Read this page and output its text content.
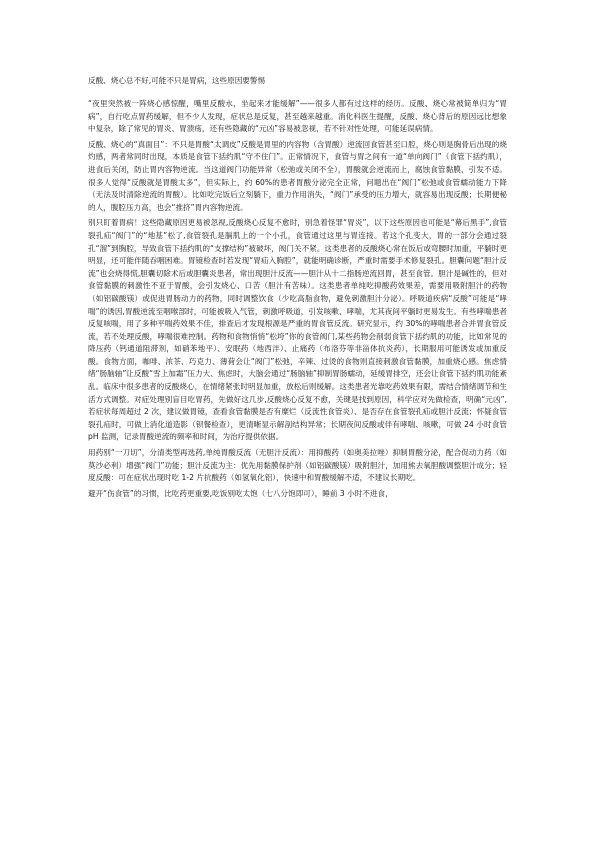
反酸、烧心总不好,可能不只是胃病，这些原因要警惕

“夜里突然被一阵烧心感惊醒，嘴里反酸水，坐起来才能缓解”——很多人都有过这样的经历。反酸、烧心常被简单归为“胃病”，自行吃点胃药缓解，但不少人发现，症状总是反复，甚至越来越重。消化科医生提醒，反酸、烧心背后的原因远比想象中复杂，除了常见的胃炎、胃溃疡，还有些隐藏的“元凶”容易被忽视，若不针对性处理，可能延误病情。

反酸、烧心的“真面目”：不只是胃酸“太调皮”反酸是胃里的内容物（含胃酸）逆流回食管甚至口腔，烧心则是胸骨后出现的烧灼感，两者常同时出现，本质是食管下括约肌“守不住门”。正常情况下，食管与胃之间有一道“单向阀门”（食管下括约肌），进食后关闭，防止胃内容物逆流。当这道阀门功能异常（松弛或关闭不全），胃酸就会逆流而上，腐蚀食管黏膜，引发不适。很多人觉得“反酸就是胃酸太多”，但实际上，约 60%的患者胃酸分泌完全正常，问题出在“阀门”松弛或食管蠕动能力下降（无法及时清除逆流的胃酸）。比如吃完饭后立刻躺下，重力作用消失，“阀门”承受的压力增大，就容易出现反酸；长期便秘的人，腹腔压力高，也会“推挤”胃内容物逆流。

别只盯着胃病！这些隐藏原因更易被忽视,反酸烧心反复不愈时，别急着怪罪“胃炎”，以下这些原因也可能是“幕后黑手”,食管裂孔疝“阀门”的“地基”松了,食管裂孔是膈肌上的一个小孔，食管通过这里与胃连接。若这个孔变大，胃的一部分会通过裂孔“溜”到胸腔，导致食管下括约肌的“支撑结构”被破坏，阀门关不紧。这类患者的反酸烧心常在饭后或弯腰时加重，平躺时更明显，还可能伴随吞咽困难。胃镜检查时若发现“胃疝入胸腔”，就能明确诊断，严重时需要手术修复裂孔。胆囊问题“胆汁反流”也会烧得慌,胆囊切除术后或胆囊炎患者，常出现胆汁反流——胆汁从十二指肠逆流回胃，甚至食管。胆汁是碱性的，但对食管黏膜的刺激性不亚于胃酸，会引发烧心、口苦（胆汁有苦味）。这类患者单纯吃抑酸药效果差，需要用吸附胆汁的药物（如铝碳酸镁）或促进胃肠动力的药物，同时调整饮食（少吃高脂食物，避免刺激胆汁分泌）。呼吸道疾病“反酸”可能是“哮喘”的诱因,胃酸逆流至咽喉部时，可能被吸入气管，刺激呼吸道，引发咳嗽、哮喘，尤其夜间平躺时更易发生。有些哮喘患者反复咳喘，用了多种平喘药效果不佳，排查后才发现根源是严重的胃食管反流。研究显示，约 30%的哮喘患者合并胃食管反流，若不处理反酸，哮喘很难控制。药物和食物悄悄“松垮”你的食管阀门,某些药物会削弱食管下括约肌的功能，比如常见的降压药（钙通道阻滞剂，如硝苯地平）、安眠药（地西泮）、止痛药（布洛芬等非甾体抗炎药），长期服用可能诱发或加重反酸。食物方面，咖啡、浓茶、巧克力、薄荷会让“阀门”松弛，辛辣、过烫的食物则直接刺激食管黏膜，加重烧心感。焦虑情绪“肠脑轴”让反酸“雪上加霜”压力大、焦虑时，大脑会通过“肠脑轴”抑制胃肠蠕动，延缓胃排空，还会让食管下括约肌功能紊乱。临床中很多患者的反酸烧心，在情绪紧张时明显加重，放松后则缓解。这类患者光靠吃药效果有限，需结合情绪调节和生活方式调整。对症处理别盲目吃胃药，先做好这几步,反酸烧心反复不愈，关键是找到原因，科学应对先做检查，明确“元凶”,若症状每周超过 2 次，建议做胃镜，查看食管黏膜是否有糜烂（反流性食管炎）、是否存在食管裂孔疝或胆汁反流；怀疑食管裂孔疝时，可做上消化道造影（钡餐检查），更清晰显示解剖结构异常；长期夜间反酸或伴有哮喘、咳嗽，可做 24 小时食管 pH 监测，记录胃酸逆流的频率和时间，为治疗提供依据。

用药别“一刀切”，分清类型再选药,单纯胃酸反流（无胆汁反流）：用抑酸药（如奥美拉唑）抑制胃酸分泌，配合促动力药（如莫沙必利）增强“阀门”功能；胆汁反流为主：优先用黏膜保护剂（如铝碳酸镁）吸附胆汁，加用熊去氧胆酸调整胆汁成分；轻度反酸：可在症状出现时吃 1-2 片抗酸药（如氢氧化铝），快速中和胃酸缓解不适，不建议长期吃。

避开“伤食管”的习惯，比吃药更重要,吃饭别吃太饱（七八分饱即可），睡前 3 小时不进食，
